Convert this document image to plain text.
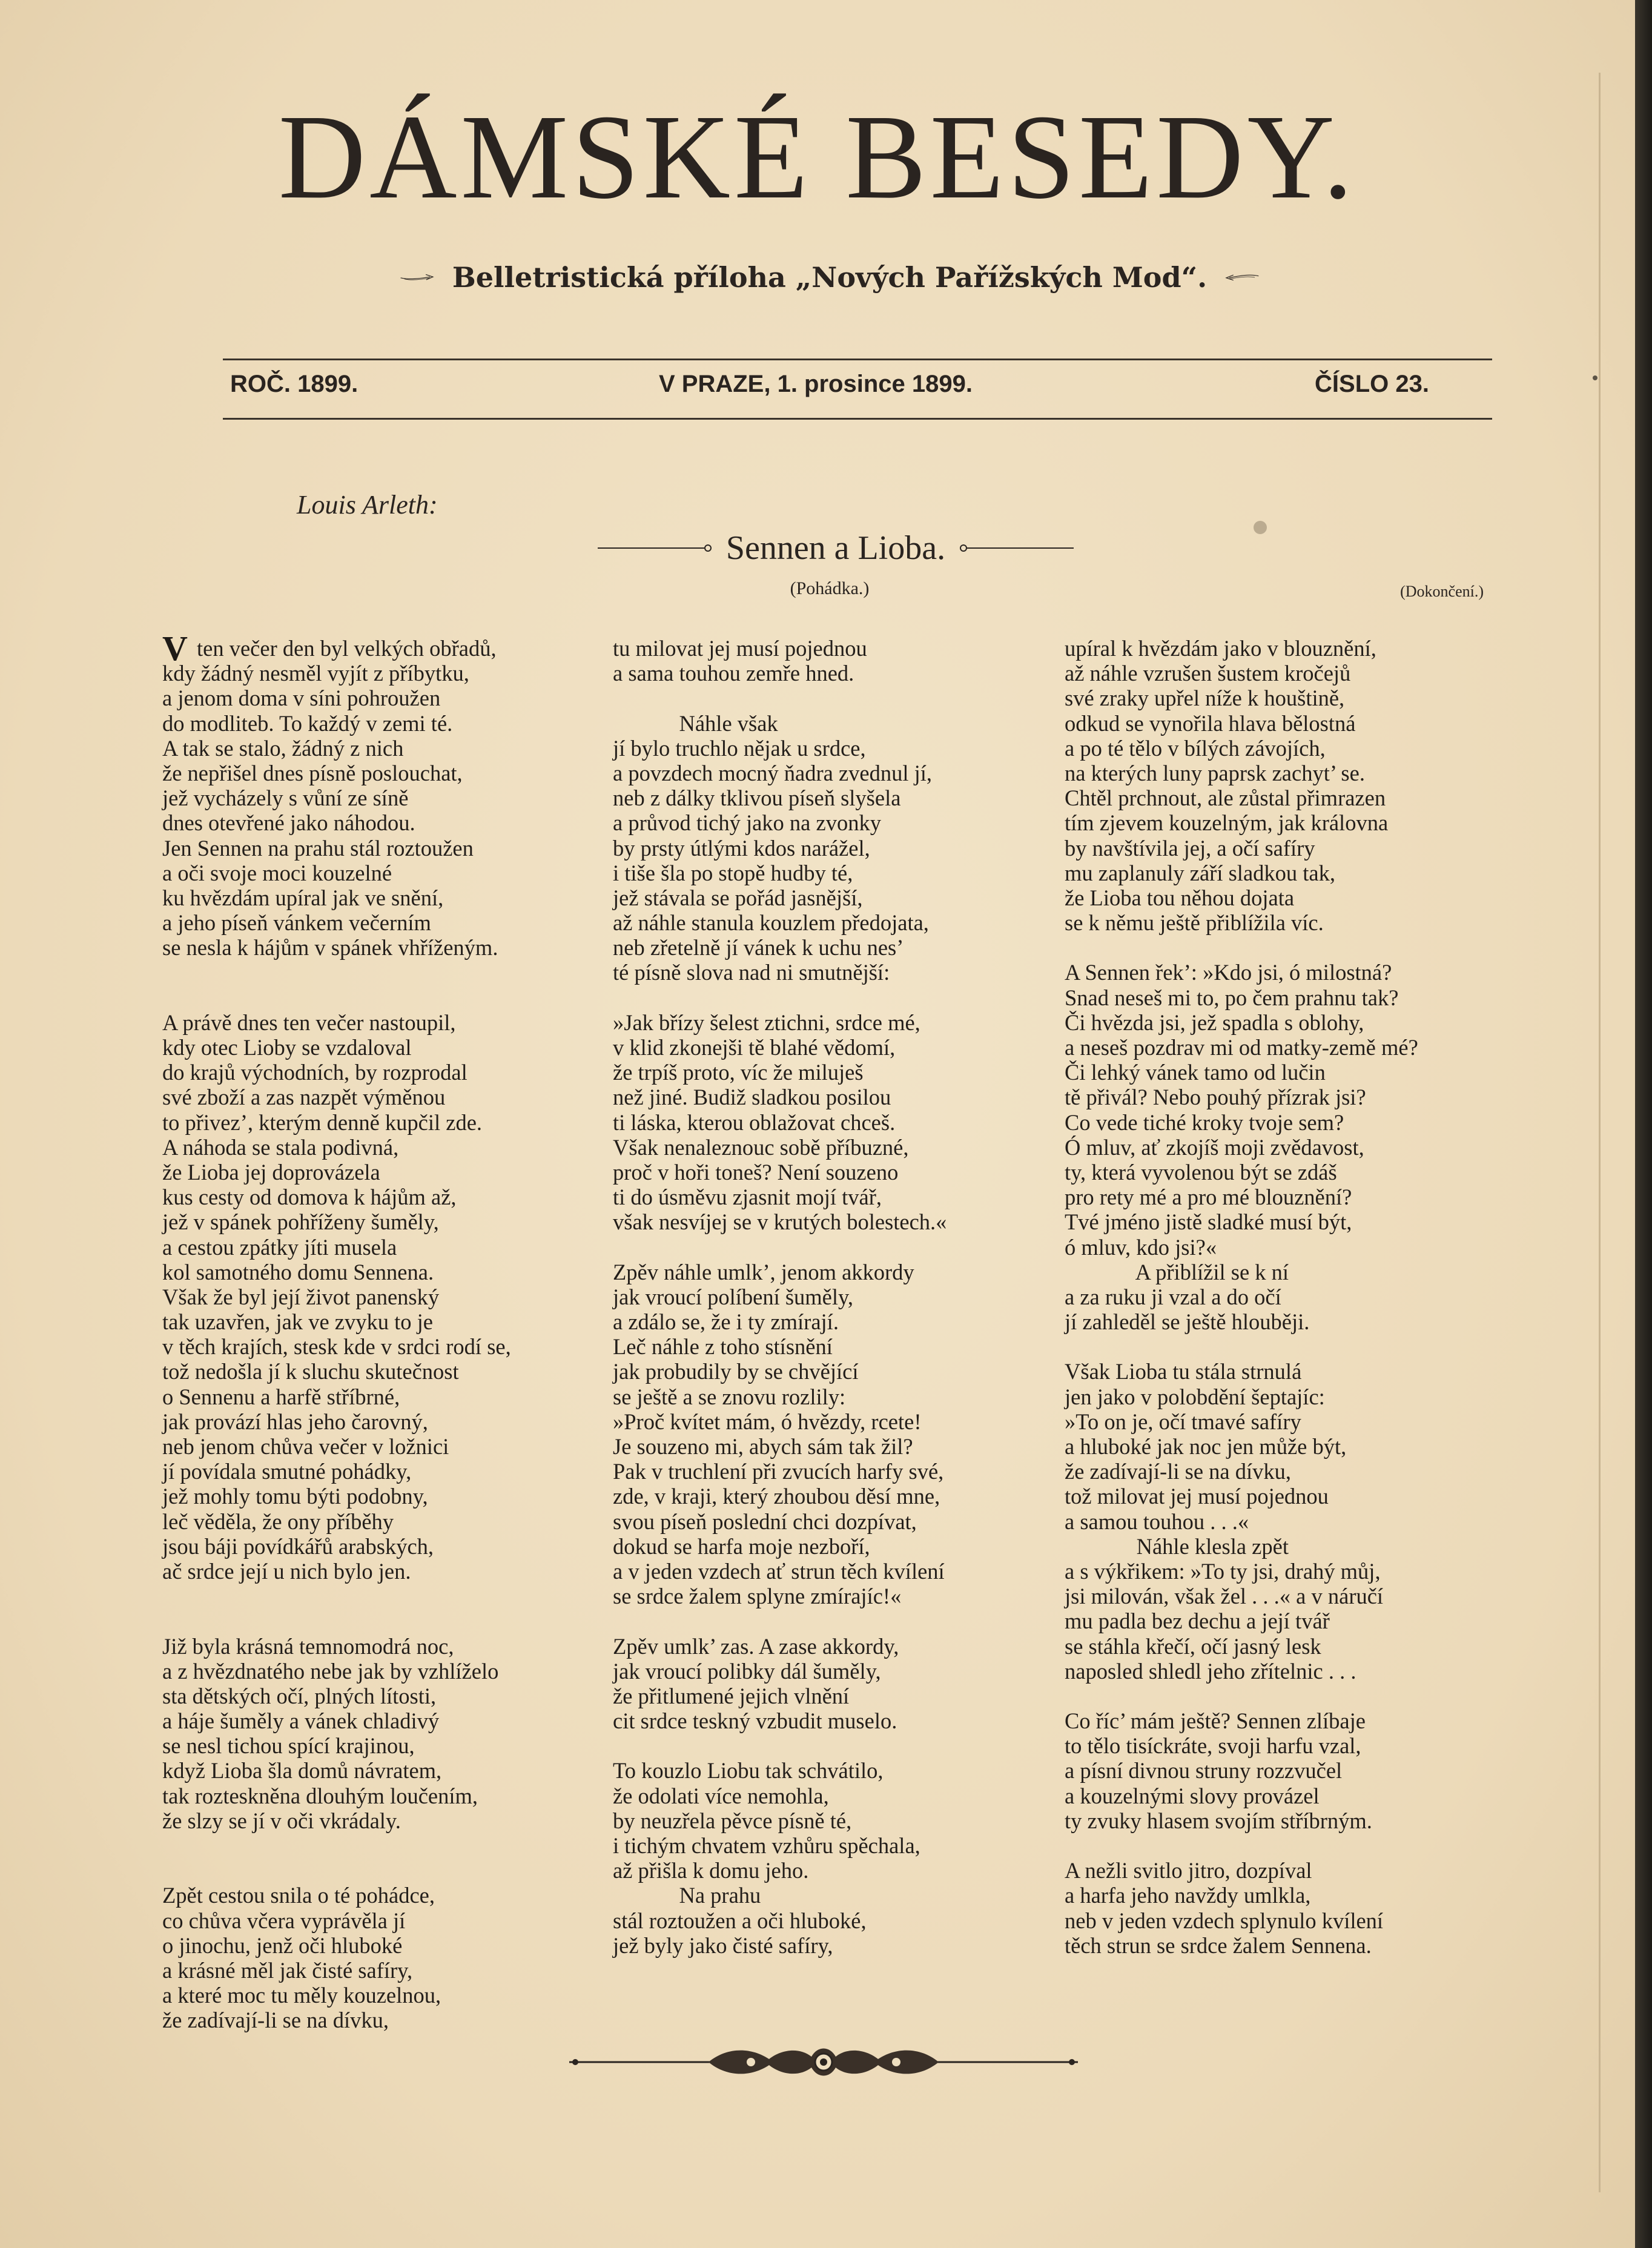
DÁMSKÉ BESEDY.
Belletristická příloha „Nových Pařížských Mod“.
ROČ. 1899.	V PRAZE, 1. prosince 1899.	ČÍSLO 23.
Louis Arleth:
Sennen a Lioba.
(Pohádka.)	(Dokončení.)
V ten večer den byl velkých obřadů,
kdy žádný nesměl vyjít z příbytku,
a jenom doma v síni pohroužen
do modliteb. To každý v zemi té.
A tak se stalo, žádný z nich
že nepřišel dnes písně poslouchat,
jež vycházely s vůní ze síně
dnes otevřené jako náhodou.
Jen Sennen na prahu stál roztoužen
a oči svoje moci kouzelné
ku hvězdám upíral jak ve snění,
a jeho píseň vánkem večerním
se nesla k hájům v spánek vhříženým.
A právě dnes ten večer nastoupil,
kdy otec Lioby se vzdaloval
do krajů východních, by rozprodal
své zboží a zas nazpět výměnou
to přivez’, kterým denně kupčil zde.
A náhoda se stala podivná,
že Lioba jej doprovázela
kus cesty od domova k hájům až,
jež v spánek pohříženy šuměly,
a cestou zpátky jíti musela
kol samotného domu Sennena.
Však že byl její život panenský
tak uzavřen, jak ve zvyku to je
v těch krajích, stesk kde v srdci rodí se,
tož nedošla jí k sluchu skutečnost
o Sennenu a harfě stříbrné,
jak provází hlas jeho čarovný,
neb jenom chůva večer v ložnici
jí povídala smutné pohádky,
jež mohly tomu býti podobny,
leč věděla, že ony příběhy
jsou báji povídkářů arabských,
ač srdce její u nich bylo jen.
Již byla krásná temnomodrá noc,
a z hvězdnatého nebe jak by vzhlíželo
sta dětských očí, plných lítosti,
a háje šuměly a vánek chladivý
se nesl tichou spící krajinou,
když Lioba šla domů návratem,
tak rozteskněna dlouhým loučením,
že slzy se jí v oči vkrádaly.
Zpět cestou snila o té pohádce,
co chůva včera vyprávěla jí
o jinochu, jenž oči hluboké
a krásné měl jak čisté safíry,
a které moc tu měly kouzelnou,
že zadívají-li se na dívku,
tu milovat jej musí pojednou
a sama touhou zemře hned.
Náhle však
jí bylo truchlo nějak u srdce,
a povzdech mocný ňadra zvednul jí,
neb z dálky tklivou píseň slyšela
a průvod tichý jako na zvonky
by prsty útlými kdos narážel,
i tiše šla po stopě hudby té,
jež stávala se pořád jasnější,
až náhle stanula kouzlem předojata,
neb zřetelně jí vánek k uchu nes’
té písně slova nad ni smutnější:
»Jak břízy šelest ztichni, srdce mé,
v klid zkonejši tě blahé vědomí,
že trpíš proto, víc že miluješ
než jiné. Budiž sladkou posilou
ti láska, kterou oblažovat chceš.
Však nenaleznouc sobě příbuzné,
proč v hoři toneš? Není souzeno
ti do úsměvu zjasnit mojí tvář,
však nesvíjej se v krutých bolestech.«
Zpěv náhle umlk’, jenom akkordy
jak vroucí políbení šuměly,
a zdálo se, že i ty zmírají.
Leč náhle z toho stísnění
jak probudily by se chvějící
se ještě a se znovu rozlily:
»Proč kvítet mám, ó hvězdy, rcete!
Je souzeno mi, abych sám tak žil?
Pak v truchlení při zvucích harfy své,
zde, v kraji, který zhoubou děsí mne,
svou píseň poslední chci dozpívat,
dokud se harfa moje nezboří,
a v jeden vzdech ať strun těch kvílení
se srdce žalem splyne zmírajíc!«
Zpěv umlk’ zas. A zase akkordy,
jak vroucí polibky dál šuměly,
že přitlumené jejich vlnění
cit srdce teskný vzbudit muselo.
To kouzlo Liobu tak schvátilo,
že odolati více nemohla,
by neuzřela pěvce písně té,
i tichým chvatem vzhůru spěchala,
až přišla k domu jeho.
Na prahu
stál roztoužen a oči hluboké,
jež byly jako čisté safíry,
upíral k hvězdám jako v blouznění,
až náhle vzrušen šustem kročejů
své zraky upřel níže k houštině,
odkud se vynořila hlava bělostná
a po té tělo v bílých závojích,
na kterých luny paprsk zachyt’ se.
Chtěl prchnout, ale zůstal přimrazen
tím zjevem kouzelným, jak královna
by navštívila jej, a očí safíry
mu zaplanuly září sladkou tak,
že Lioba tou něhou dojata
se k němu ještě přiblížila víc.
A Sennen řek’: »Kdo jsi, ó milostná?
Snad neseš mi to, po čem prahnu tak?
Či hvězda jsi, jež spadla s oblohy,
a neseš pozdrav mi od matky-země mé?
Či lehký vánek tamo od lučin
tě přivál? Nebo pouhý přízrak jsi?
Co vede tiché kroky tvoje sem?
Ó mluv, ať zkojíš moji zvědavost,
ty, která vyvolenou být se zdáš
pro rety mé a pro mé blouznění?
Tvé jméno jistě sladké musí být,
ó mluv, kdo jsi?«
A přiblížil se k ní
a za ruku ji vzal a do očí
jí zahleděl se ještě hlouběji.
Však Lioba tu stála strnulá
jen jako v polobdění šeptajíc:
»To on je, očí tmavé safíry
a hluboké jak noc jen může být,
že zadívají-li se na dívku,
tož milovat jej musí pojednou
a samou touhou . . .«
Náhle klesla zpět
a s výkřikem: »To ty jsi, drahý můj,
jsi milován, však žel . . .« a v náručí
mu padla bez dechu a její tvář
se stáhla křečí, očí jasný lesk
naposled shledl jeho zřítelnic . . .
Co říc’ mám ještě? Sennen zlíbaje
to tělo tisíckráte, svoji harfu vzal,
a písní divnou struny rozzvučel
a kouzelnými slovy provázel
ty zvuky hlasem svojím stříbrným.
A nežli svitlo jitro, dozpíval
a harfa jeho navždy umlkla,
neb v jeden vzdech splynulo kvílení
těch strun se srdce žalem Sennena.
